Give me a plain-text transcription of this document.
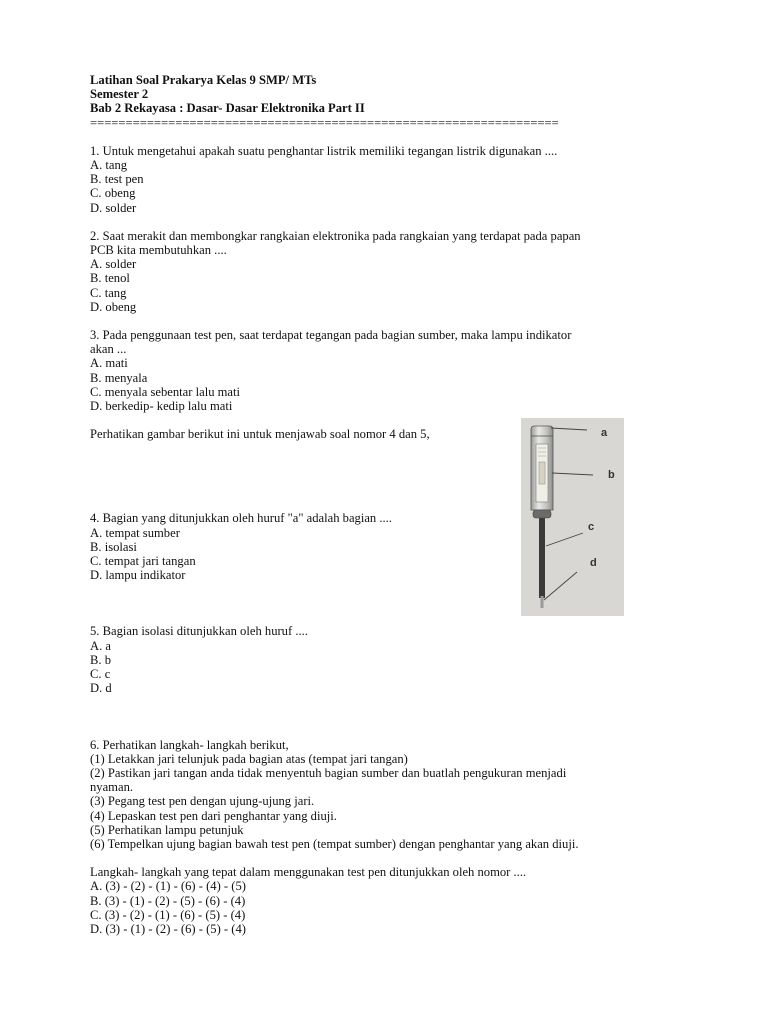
Latihan Soal Prakarya Kelas 9 SMP/ MTs
Semester 2
Bab 2 Rekayasa : Dasar- Dasar Elektronika Part II
==================================================================
1. Untuk mengetahui apakah suatu penghantar listrik memiliki tegangan listrik digunakan ....
A. tang
B. test pen
C. obeng
D. solder
2. Saat merakit dan membongkar rangkaian elektronika pada rangkaian yang terdapat pada papan
PCB kita membutuhkan ....
A. solder
B. tenol
C. tang
D. obeng
3. Pada penggunaan test pen, saat terdapat tegangan pada bagian sumber, maka lampu indikator
akan ...
A. mati
B. menyala
C. menyala sebentar lalu mati
D. berkedip- kedip lalu mati
Perhatikan gambar berikut ini untuk menjawab soal nomor 4 dan 5,
4. Bagian yang ditunjukkan oleh huruf "a" adalah bagian ....
A. tempat sumber
B. isolasi
C. tempat jari tangan
D. lampu indikator
5. Bagian isolasi ditunjukkan oleh huruf ....
A. a
B. b
C. c
D. d
6. Perhatikan langkah- langkah berikut,
(1) Letakkan jari telunjuk pada bagian atas (tempat jari tangan)
(2) Pastikan jari tangan anda tidak menyentuh bagian sumber dan buatlah pengukuran menjadi
nyaman.
(3) Pegang test pen dengan ujung-ujung jari.
(4) Lepaskan test pen dari penghantar yang diuji.
(5) Perhatikan lampu petunjuk
(6) Tempelkan ujung bagian bawah test pen (tempat sumber) dengan penghantar yang akan diuji.
Langkah- langkah yang tepat dalam menggunakan test pen ditunjukkan oleh nomor ....
A. (3) - (2) - (1) - (6) - (4) - (5)
B. (3) - (1) - (2) - (5) - (6) - (4)
C. (3) - (2) - (1) - (6) - (5) - (4)
D. (3) - (1) - (2) - (6) - (5) - (4)
a
b
c
d
